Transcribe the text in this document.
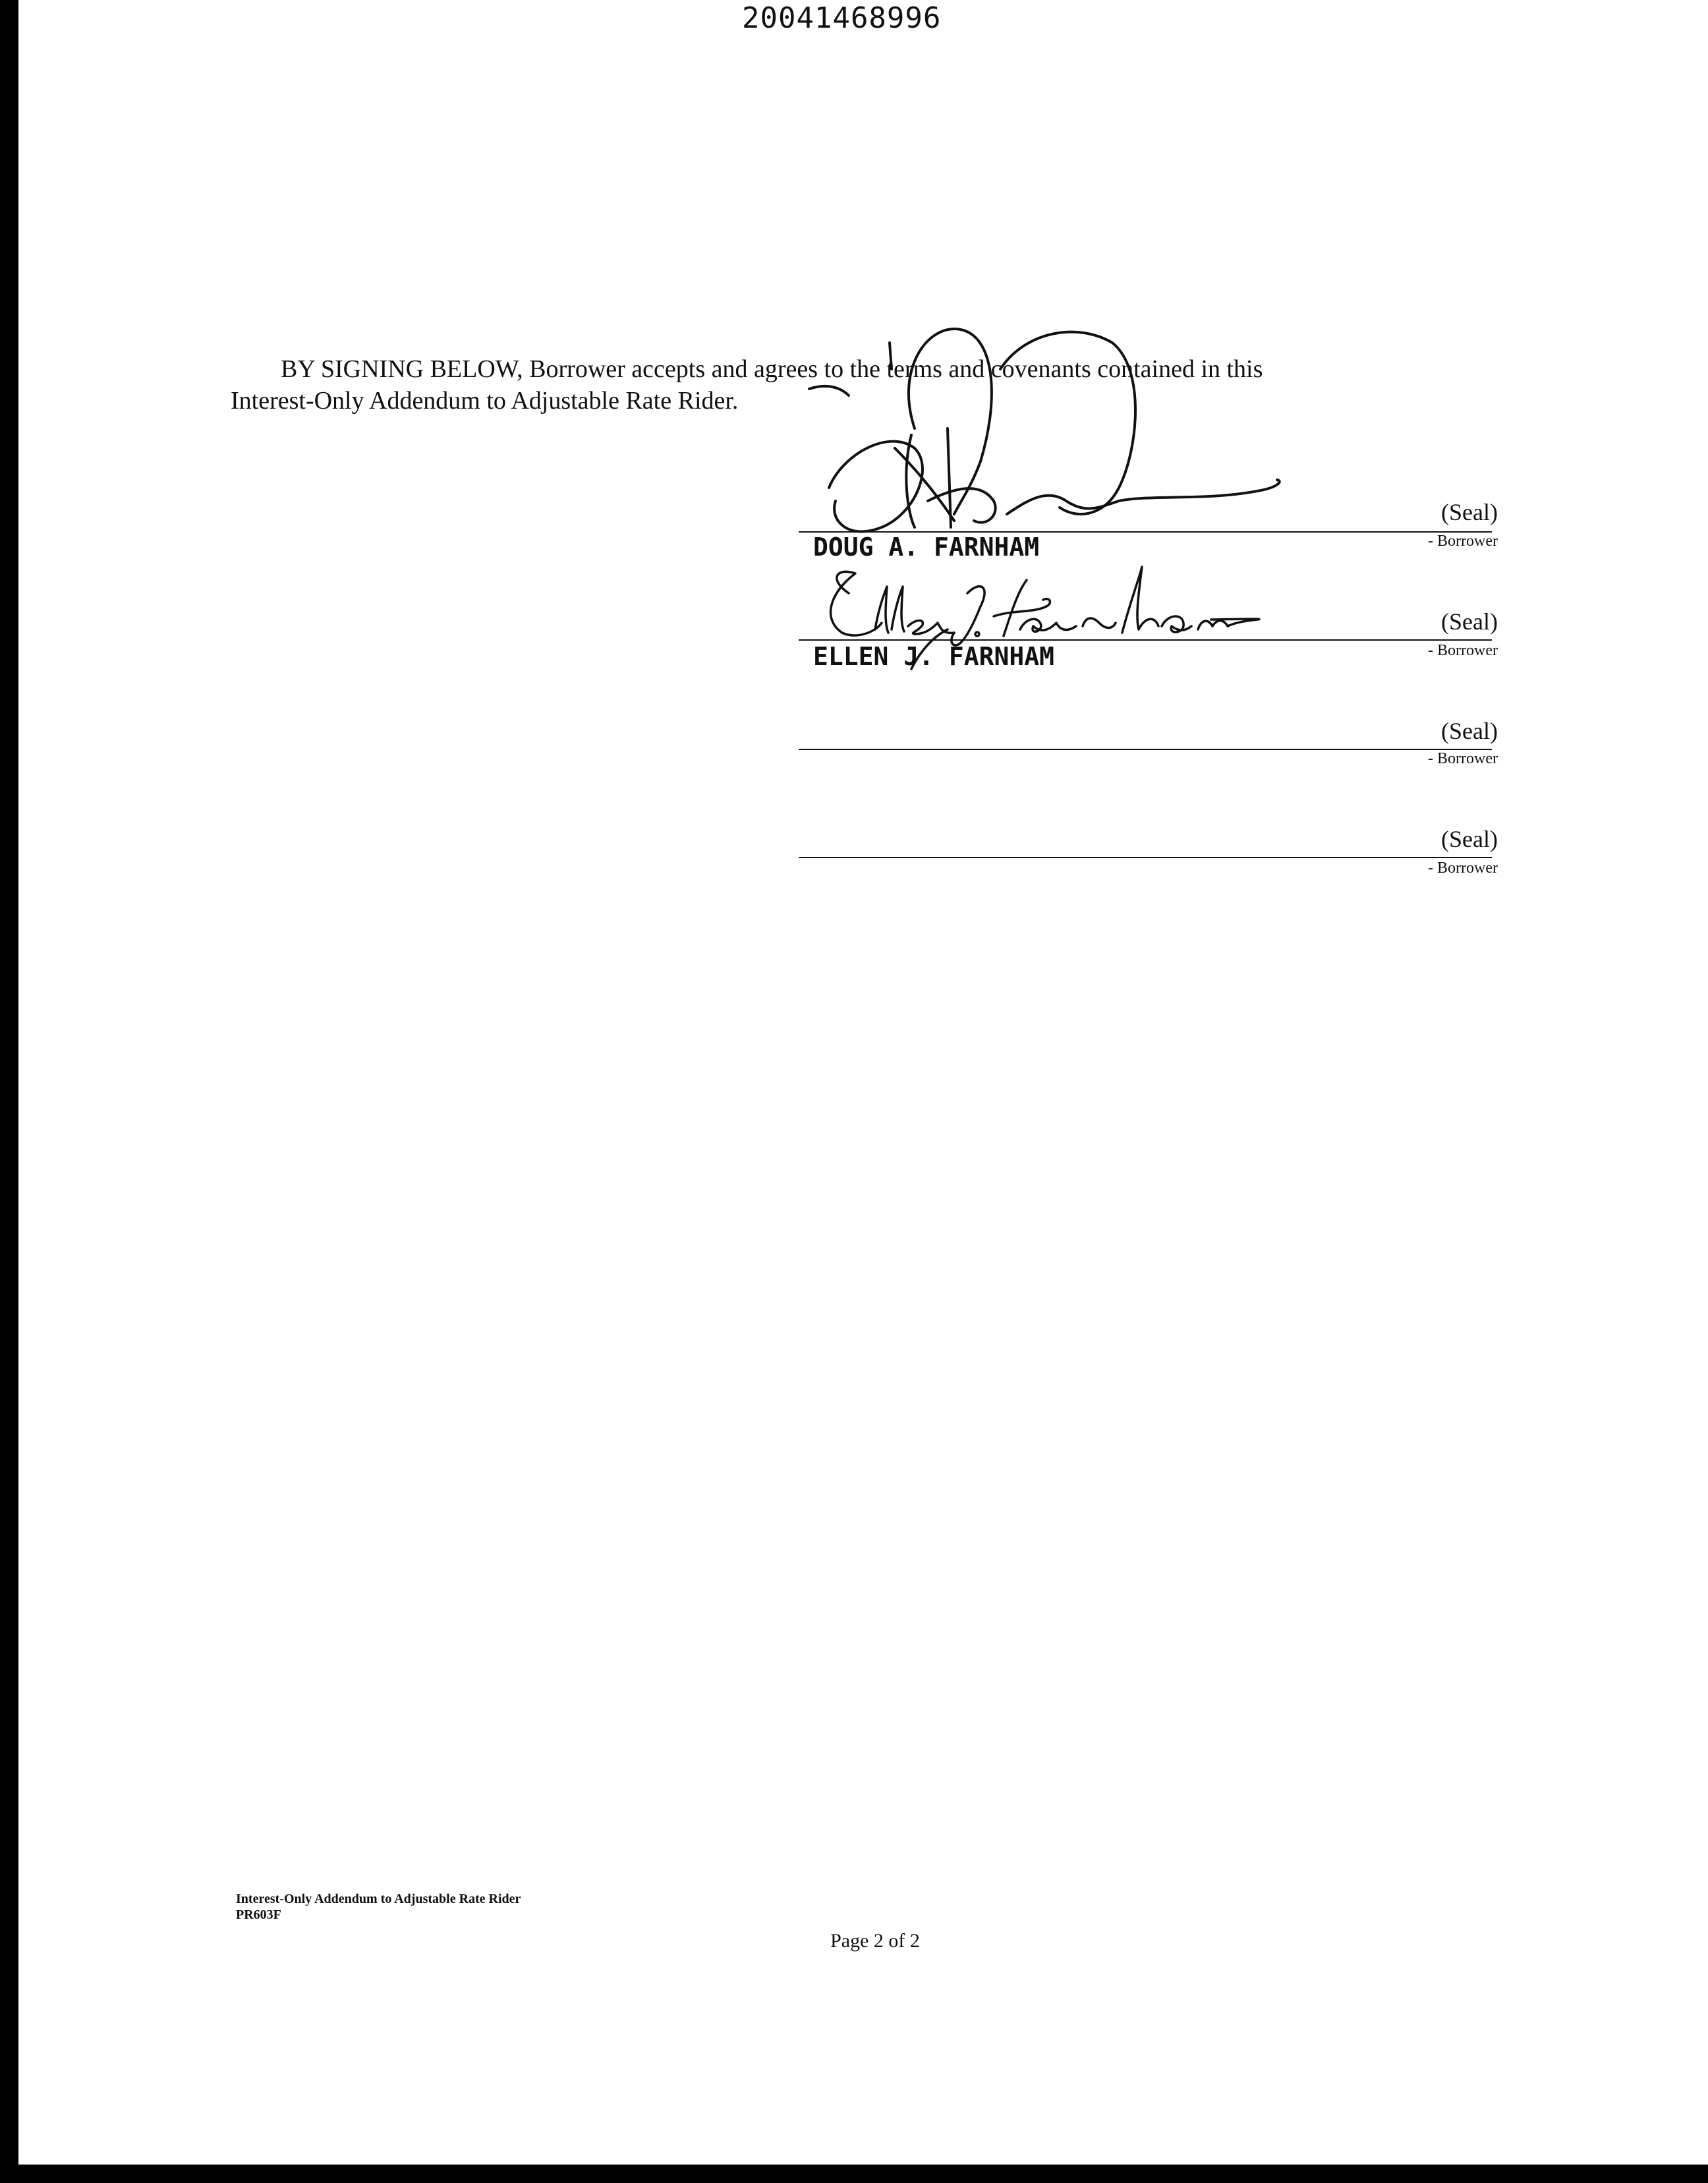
20041468996
BY SIGNING BELOW, Borrower accepts and agrees to the terms and covenants contained in this
Interest-Only Addendum to Adjustable Rate Rider.
(Seal)
- Borrower
DOUG A. FARNHAM
(Seal)
- Borrower
ELLEN J. FARNHAM
(Seal)
- Borrower
(Seal)
- Borrower
Interest-Only Addendum to Adjustable Rate Rider
PR603F
Page 2 of 2
